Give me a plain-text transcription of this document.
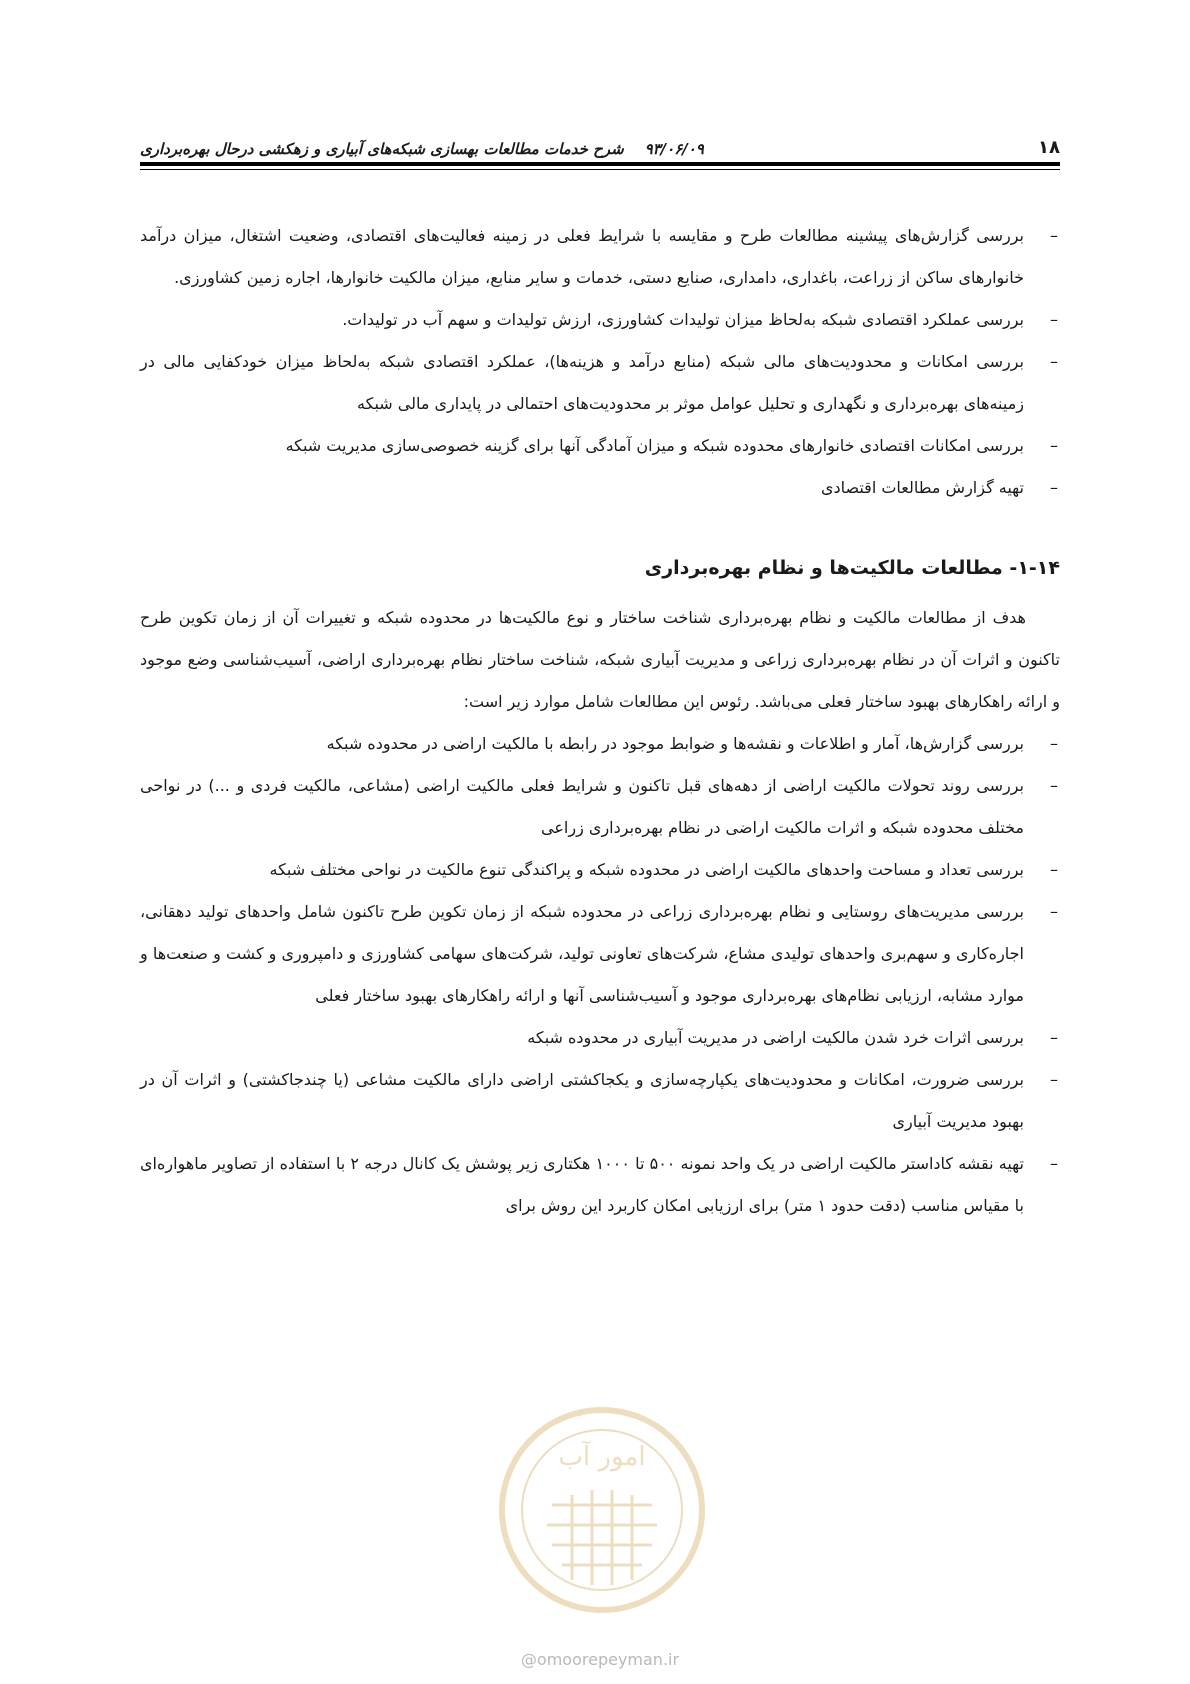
۱۸
۹۳/۰۶/۰۹    شرح خدمات مطالعات بهسازی شبکه‌های آبیاری و زهکشی درحال بهره‌برداری
–
بررسی گزارش‌های پیشینه مطالعات طرح و مقایسه با شرایط فعلی در زمینه فعالیت‌های اقتصادی، وضعیت اشتغال، میزان درآمد خانوارهای ساکن از زراعت، باغداری، دامداری، صنایع دستی، خدمات و سایر منابع، میزان مالکیت خانوارها، اجاره زمین کشاورزی.
–
بررسی عملکرد اقتصادی شبکه به‌لحاظ میزان تولیدات کشاورزی، ارزش تولیدات و سهم آب در تولیدات.
–
بررسی امکانات و محدودیت‌های مالی شبکه (منابع درآمد و هزینه‌ها)، عملکرد اقتصادی شبکه به‌لحاظ میزان خودکفایی مالی در زمینه‌های بهره‌برداری و نگهداری و تحلیل عوامل موثر بر محدودیت‌های احتمالی در پایداری مالی شبکه
–
بررسی امکانات اقتصادی خانوارهای محدوده شبکه و میزان آمادگی آنها برای گزینه خصوصی‌سازی مدیریت شبکه
–
تهیه گزارش مطالعات اقتصادی
۱-۱۴- مطالعات مالکیت‌ها و نظام بهره‌برداری

هدف از مطالعات مالکیت و نظام بهره‌برداری شناخت ساختار و نوع مالکیت‌ها در محدوده شبکه و تغییرات آن از زمان تکوین طرح تاکنون و اثرات آن در نظام بهره‌برداری زراعی و مدیریت آبیاری شبکه، شناخت ساختار نظام بهره‌برداری اراضی، آسیب‌شناسی وضع موجود و ارائه راهکارهای بهبود ساختار فعلی می‌باشد. رئوس این مطالعات شامل موارد زیر است:

–
بررسی گزارش‌ها، آمار و اطلاعات و نقشه‌ها و ضوابط موجود در رابطه با مالکیت اراضی در محدوده شبکه
–
بررسی روند تحولات مالکیت اراضی از دهه‌های قبل تاکنون و شرایط فعلی مالکیت اراضی (مشاعی، مالکیت فردی و ...) در نواحی مختلف محدوده شبکه و اثرات مالکیت اراضی در نظام بهره‌برداری زراعی
–
بررسی تعداد و مساحت واحدهای مالکیت اراضی در محدوده شبکه و پراکندگی تنوع مالکیت در نواحی مختلف شبکه
–
بررسی مدیریت‌های روستایی و نظام بهره‌برداری زراعی در محدوده شبکه از زمان تکوین طرح تاکنون شامل واحدهای تولید دهقانی، اجاره‌کاری و سهم‌بری واحدهای تولیدی مشاع، شرکت‌های تعاونی تولید، شرکت‌های سهامی کشاورزی و دامپروری و کشت و صنعت‌ها و موارد مشابه، ارزیابی نظام‌های بهره‌برداری موجود و آسیب‌شناسی آنها و ارائه راهکارهای بهبود ساختار فعلی
–
بررسی اثرات خرد شدن مالکیت اراضی در مدیریت آبیاری در محدوده شبکه
–
بررسی ضرورت، امکانات و محدودیت‌های یکپارچه‌سازی و یکجاکشتی اراضی دارای مالکیت مشاعی (یا چندجاکشتی) و اثرات آن در بهبود مدیریت آبیاری
–
تهیه نقشه کاداستر مالکیت اراضی در یک واحد نمونه ۵۰۰ تا ۱۰۰۰ هکتاری زیر پوشش یک کانال درجه ۲ با استفاده از تصاویر ماهواره‌ای با مقیاس مناسب (دقت حدود ۱ متر) برای ارزیابی امکان کاربرد این روش برای
امور آب
@omoorepeyman.ir
